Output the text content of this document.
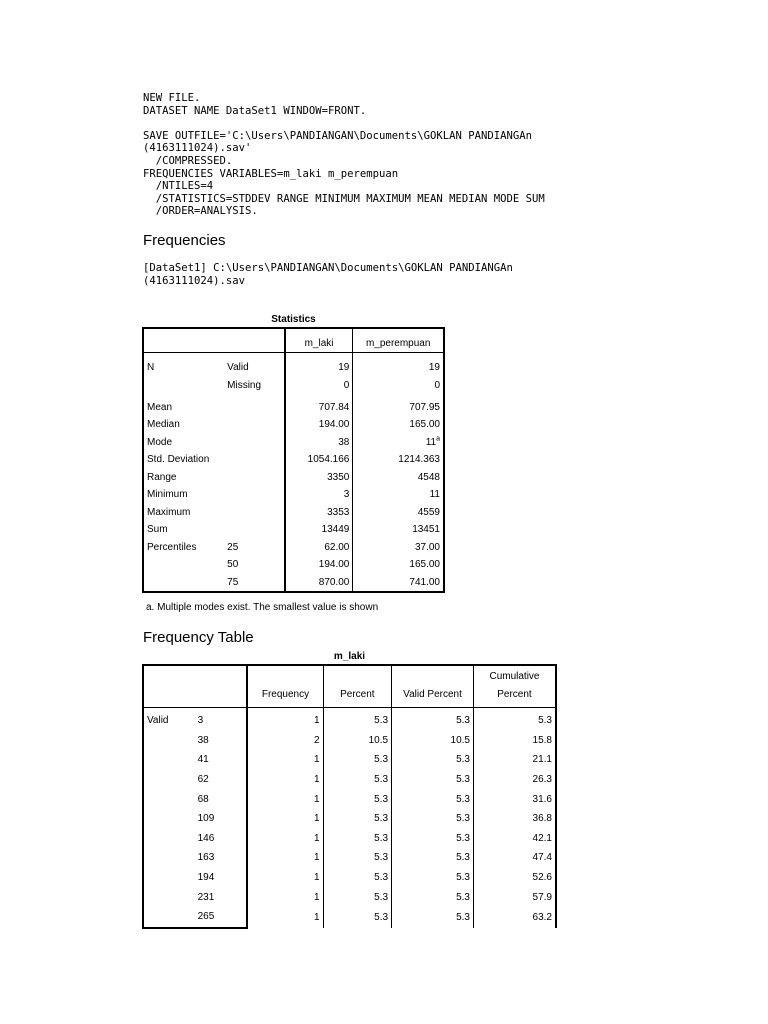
NEW FILE.
DATASET NAME DataSet1 WINDOW=FRONT.

SAVE OUTFILE='C:\Users\PANDIANGAN\Documents\GOKLAN PANDIANGAn
(4163111024).sav'
/COMPRESSED.
FREQUENCIES VARIABLES=m_laki m_perempuan
/NTILES=4
/STATISTICS=STDDEV RANGE MINIMUM MAXIMUM MEAN MEDIAN MODE SUM
/ORDER=ANALYSIS.
Frequencies
[DataSet1] C:\Users\PANDIANGAN\Documents\GOKLAN PANDIANGAn
(4163111024).sav
Statistics
		m_laki	m_perempuan
N	Valid	19	19
	Missing	0	0
Mean		707.84	707.95
Median		194.00	165.00
Mode		38	11$^a$
Std. Deviation		1054.166	1214.363
Range		3350	4548
Minimum		3	11
Maximum		3353	4559
Sum		13449	13451
Percentiles	25	62.00	37.00
	50	194.00	165.00
	75	870.00	741.00

a. Multiple modes exist. The smallest value is shown

Frequency Table
m_laki
		Frequency	Percent	Valid Percent	Cumulative
Percent
Valid	3	1	5.3	5.3	5.3
	38	2	10.5	10.5	15.8
	41	1	5.3	5.3	21.1
	62	1	5.3	5.3	26.3
	68	1	5.3	5.3	31.6
	109	1	5.3	5.3	36.8
	146	1	5.3	5.3	42.1
	163	1	5.3	5.3	47.4
	194	1	5.3	5.3	52.6
	231	1	5.3	5.3	57.9
	265	1	5.3	5.3	63.2
